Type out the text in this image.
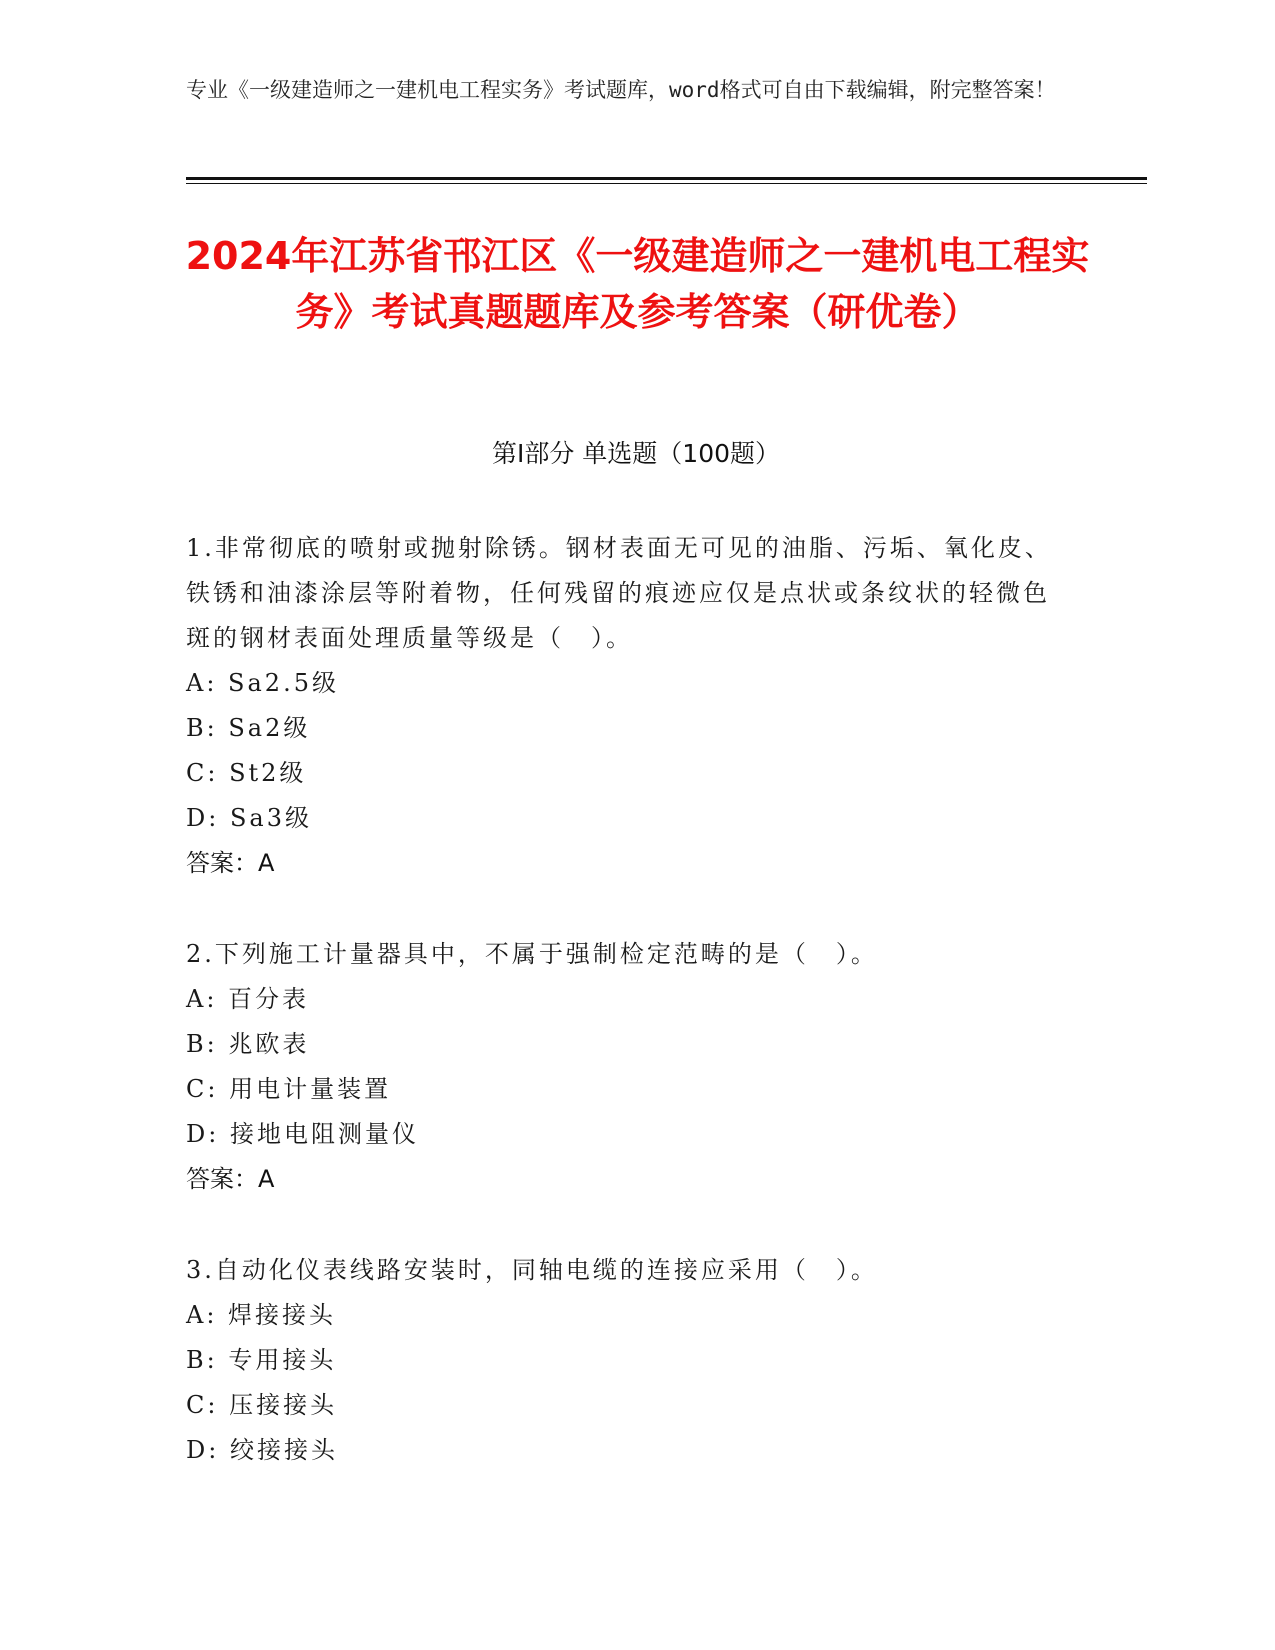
专业《一级建造师之一建机电工程实务》考试题库，word格式可自由下载编辑，附完整答案！
2024年江苏省邗江区《一级建造师之一建机电工程实务》考试真题题库及参考答案（研优卷）
第Ⅰ部分 单选题（100题）
1.非常彻底的喷射或抛射除锈。钢材表面无可见的油脂、污垢、氧化皮、铁锈和油漆涂层等附着物，任何残留的痕迹应仅是点状或条纹状的轻微色斑的钢材表面处理质量等级是（　）。
A: Sa2.5级
B: Sa2级
C: St2级
D: Sa3级
答案：A
2.下列施工计量器具中，不属于强制检定范畴的是（　）。
A: 百分表
B: 兆欧表
C: 用电计量装置
D: 接地电阻测量仪
答案：A
3.自动化仪表线路安装时，同轴电缆的连接应采用（　）。
A: 焊接接头
B: 专用接头
C: 压接接头
D: 绞接接头
